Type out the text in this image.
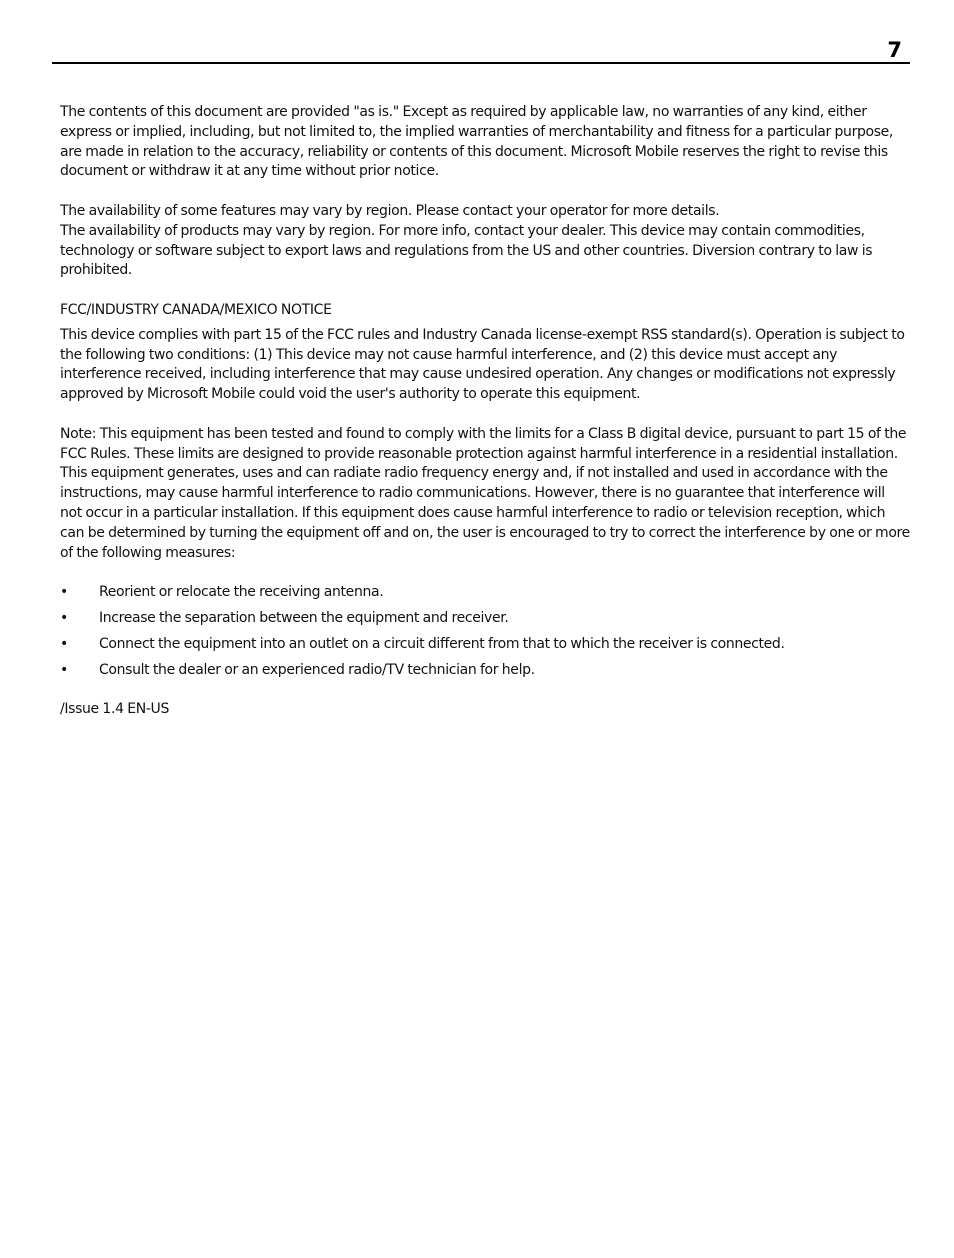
7

The contents of this document are provided "as is." Except as required by applicable law, no warranties of any kind, either express or implied, including, but not limited to, the implied warranties of merchantability and fitness for a particular purpose, are made in relation to the accuracy, reliability or contents of this document. Microsoft Mobile reserves the right to revise this document or withdraw it at any time without prior notice.

The availability of some features may vary by region. Please contact your operator for more details.

The availability of products may vary by region. For more info, contact your dealer. This device may contain commodities, technology or software subject to export laws and regulations from the US and other countries. Diversion contrary to law is prohibited.

FCC/INDUSTRY CANADA/MEXICO NOTICE

This device complies with part 15 of the FCC rules and Industry Canada license-exempt RSS standard(s). Operation is subject to the following two conditions: (1) This device may not cause harmful interference, and (2) this device must accept any interference received, including interference that may cause undesired operation. Any changes or modifications not expressly approved by Microsoft Mobile could void the user's authority to operate this equipment.

Note: This equipment has been tested and found to comply with the limits for a Class B digital device, pursuant to part 15 of the FCC Rules. These limits are designed to provide reasonable protection against harmful interference in a residential installation. This equipment generates, uses and can radiate radio frequency energy and, if not installed and used in accordance with the instructions, may cause harmful interference to radio communications. However, there is no guarantee that interference will not occur in a particular installation. If this equipment does cause harmful interference to radio or television reception, which can be determined by turning the equipment off and on, the user is encouraged to try to correct the interference by one or more of the following measures:

• Reorient or relocate the receiving antenna.
• Increase the separation between the equipment and receiver.
• Connect the equipment into an outlet on a circuit different from that to which the receiver is connected.
• Consult the dealer or an experienced radio/TV technician for help.

/Issue 1.4 EN-US
